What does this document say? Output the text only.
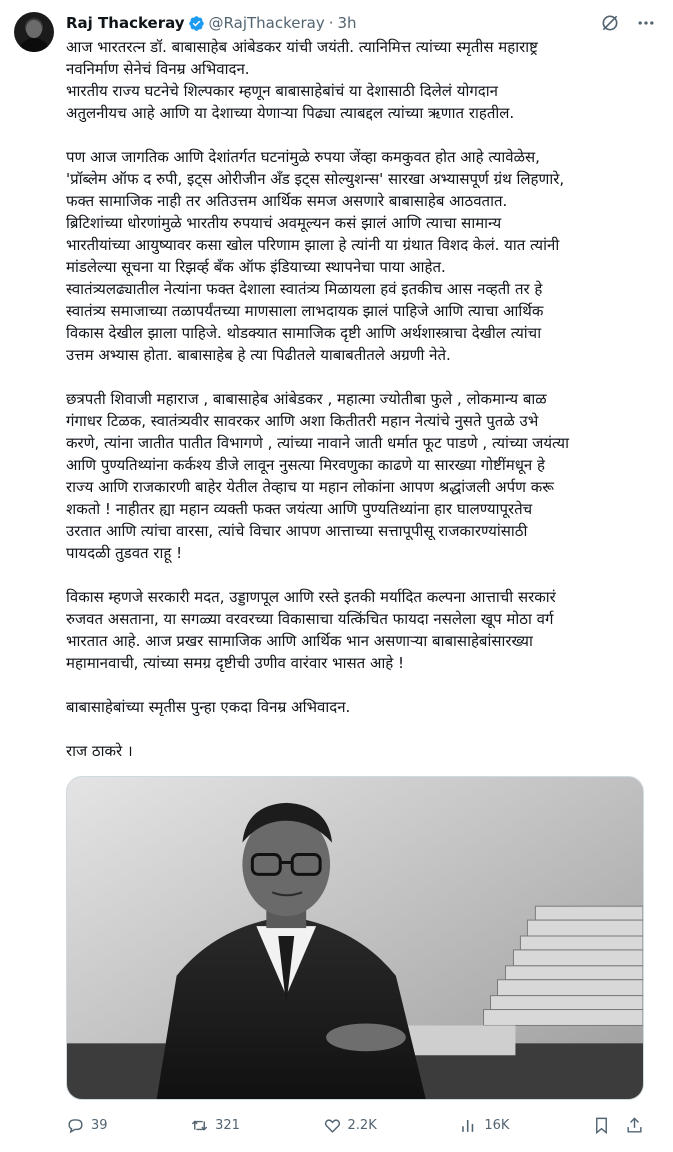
Raj Thackeray @RajThackeray · 3h
आज भारतरत्न डॉ. बाबासाहेब आंबेडकर यांची जयंती. त्यानिमित्त त्यांच्या स्मृतीस महाराष्ट्र
नवनिर्माण सेनेचं विनम्र अभिवादन.
भारतीय राज्य घटनेचे शिल्पकार म्हणून बाबासाहेबांचं या देशासाठी दिलेलं योगदान
अतुलनीयच आहे आणि या देशाच्या येणाऱ्या पिढ्या त्याबद्दल त्यांच्या ऋणात राहतील.
पण आज जागतिक आणि देशांतर्गत घटनांमुळे रुपया जेंव्हा कमकुवत होत आहे त्यावेळेस,
'प्रॉब्लेम ऑफ द रुपी, इट्स ओरीजीन अँड इट्स सोल्युशन्स' सारखा अभ्यासपूर्ण ग्रंथ लिहणारे,
फक्त सामाजिक नाही तर अतिउत्तम आर्थिक समज असणारे बाबासाहेब आठवतात.
ब्रिटिशांच्या धोरणांमुळे भारतीय रुपयाचं अवमूल्यन कसं झालं आणि त्याचा सामान्य
भारतीयांच्या आयुष्यावर कसा खोल परिणाम झाला हे त्यांनी या ग्रंथात विशद केलं. यात त्यांनी
मांडलेल्या सूचना या रिझर्व्ह बँक ऑफ इंडियाच्या स्थापनेचा पाया आहेत.
स्वातंत्र्यलढ्यातील नेत्यांना फक्त देशाला स्वातंत्र्य मिळायला हवं इतकीच आस नव्हती तर हे
स्वातंत्र्य समाजाच्या तळापर्यंतच्या माणसाला लाभदायक झालं पाहिजे आणि त्याचा आर्थिक
विकास देखील झाला पाहिजे. थोडक्यात सामाजिक दृष्टी आणि अर्थशास्त्राचा देखील त्यांचा
उत्तम अभ्यास होता. बाबासाहेब हे त्या पिढीतले याबाबतीतले अग्रणी नेते.
छत्रपती शिवाजी महाराज , बाबासाहेब आंबेडकर , महात्मा ज्योतीबा फुले , लोकमान्य बाळ
गंगाधर टिळक, स्वातंत्र्यवीर सावरकर आणि अशा कितीतरी महान नेत्यांचे नुसते पुतळे उभे
करणे, त्यांना जातीत पातीत विभागणे , त्यांच्या नावाने जाती धर्मात फूट पाडणे , त्यांच्या जयंत्या
आणि पुण्यतिथ्यांना कर्कश्य डीजे लावून नुसत्या मिरवणुका काढणे या सारख्या गोष्टींमधून हे
राज्य आणि राजकारणी बाहेर येतील तेव्हाच या महान लोकांना आपण श्रद्धांजली अर्पण करू
शकतो ! नाहीतर ह्या महान व्यक्ती फक्त जयंत्या आणि पुण्यतिथ्यांना हार घालण्यापूरतेच
उरतात आणि त्यांचा वारसा, त्यांचे विचार आपण आत्ताच्या सत्तापूपीसू राजकारण्यांसाठी
पायदळी तुडवत राहू !
विकास म्हणजे सरकारी मदत, उड्डाणपूल आणि रस्ते इतकी मर्यादित कल्पना आत्ताची सरकारं
रुजवत असताना, या सगळ्या वरवरच्या विकासाचा यत्किंचित फायदा नसलेला खूप मोठा वर्ग
भारतात आहे. आज प्रखर सामाजिक आणि आर्थिक भान असणाऱ्या बाबासाहेबांसारख्या
महामानवाची, त्यांच्या समग्र दृष्टीची उणीव वारंवार भासत आहे !
बाबासाहेबांच्या स्मृतीस पुन्हा एकदा विनम्र अभिवादन.
राज ठाकरे ।
39	321	2.2K	16K
